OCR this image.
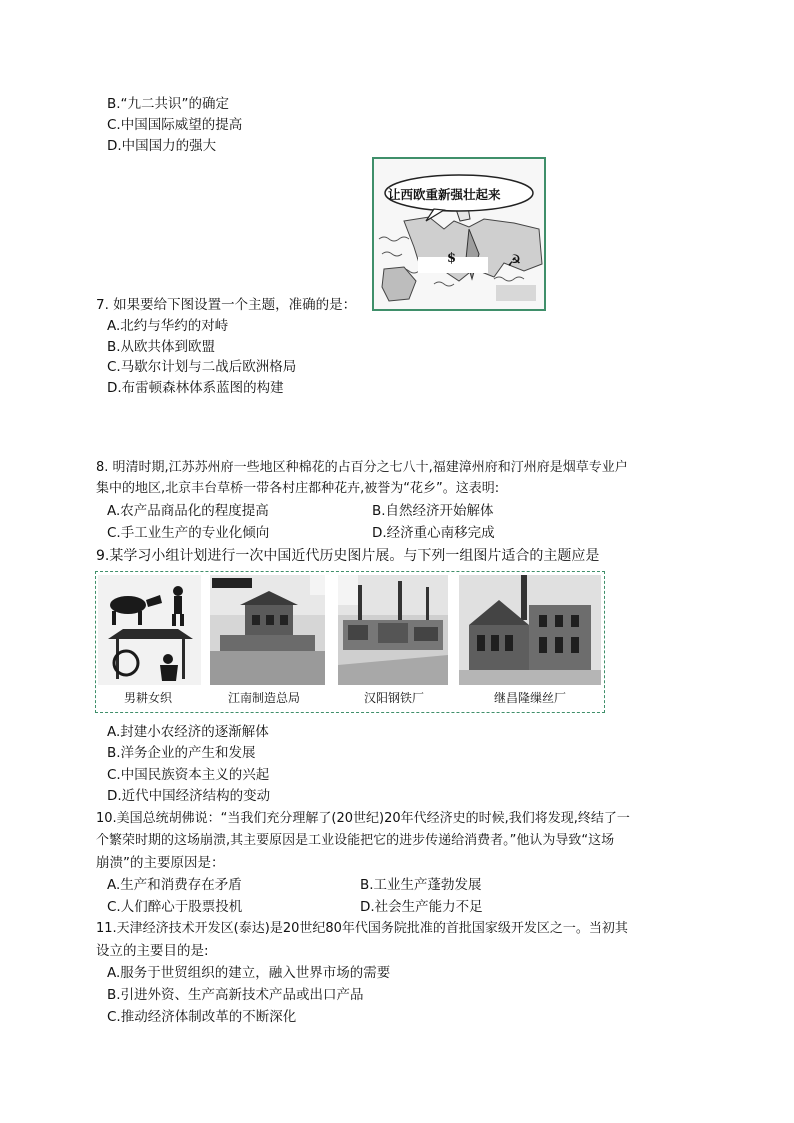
B.“九二共识”的确定
C.中国国际威望的提高
D.中国国力的强大
让西欧重新强壮起来
$	☭
7. 如果要给下图设置一个主题，准确的是：
A.北约与华约的对峙
B.从欧共体到欧盟
C.马歇尔计划与二战后欧洲格局
D.布雷顿森林体系蓝图的构建
8. 明清时期,江苏苏州府一些地区种棉花的占百分之七八十,福建漳州府和汀州府是烟草专业户
集中的地区,北京丰台草桥一带各村庄都种花卉,被誉为“花乡”。这表明:
A.农产品商品化的程度提高	B.自然经济开始解体
C.手工业生产的专业化倾向	D.经济重心南移完成
9.某学习小组计划进行一次中国近代历史图片展。与下列一组图片适合的主题应是
男耕女织	江南制造总局	汉阳钢铁厂	继昌隆缫丝厂
A.封建小农经济的逐渐解体
B.洋务企业的产生和发展
C.中国民族资本主义的兴起
D.近代中国经济结构的变动
10.美国总统胡佛说：“当我们充分理解了(20世纪)20年代经济史的时候,我们将发现,终结了一
个繁荣时期的这场崩溃,其主要原因是工业设能把它的进步传递给消费者。”他认为导致“这场
崩溃”的主要原因是：
A.生产和消费存在矛盾	B.工业生产蓬勃发展
C.人们醉心于股票投机	D.社会生产能力不足
11.天津经济技术开发区(泰达)是20世纪80年代国务院批准的首批国家级开发区之一。当初其
设立的主要目的是:
A.服务于世贸组织的建立，融入世界市场的需要
B.引进外资、生产高新技术产品或出口产品
C.推动经济体制改革的不断深化
